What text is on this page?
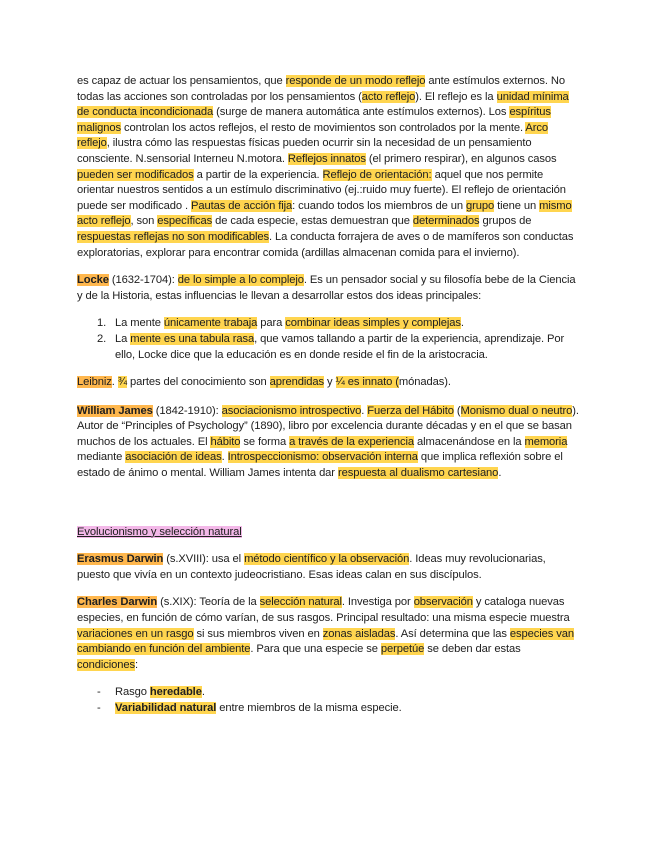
es capaz de actuar los pensamientos, que responde de un modo reflejo ante estímulos externos. No todas las acciones son controladas por los pensamientos (acto reflejo). El reflejo es la unidad mínima de conducta incondicionada (surge de manera automática ante estímulos externos). Los espíritus malignos controlan los actos reflejos, el resto de movimientos son controlados por la mente. Arco reflejo, ilustra cómo las respuestas físicas pueden ocurrir sin la necesidad de un pensamiento consciente. N.sensorial Interneu N.motora. Reflejos innatos (el primero respirar), en algunos casos pueden ser modificados a partir de la experiencia. Reflejo de orientación: aquel que nos permite orientar nuestros sentidos a un estímulo discriminativo (ej.:ruido muy fuerte). El reflejo de orientación puede ser modificado . Pautas de acción fija: cuando todos los miembros de un grupo tiene un mismo acto reflejo, son específicas de cada especie, estas demuestran que determinados grupos de respuestas reflejas no son modificables. La conducta forrajera de aves o de mamíferos son conductas exploratorias, explorar para encontrar comida (ardillas almacenan comida para el invierno).

Locke (1632-1704): de lo simple a lo complejo. Es un pensador social y su filosofía bebe de la Ciencia y de la Historia, estas influencias le llevan a desarrollar estos dos ideas principales:

1. La mente únicamente trabaja para combinar ideas simples y complejas.
2. La mente es una tabula rasa, que vamos tallando a partir de la experiencia, aprendizaje. Por ello, Locke dice que la educación es en donde reside el fin de la aristocracia.

Leibniz. ¾ partes del conocimiento son aprendidas y ¼ es innato (mónadas).

William James (1842-1910): asociacionismo introspectivo. Fuerza del Hábito (Monismo dual o neutro). Autor de “Principles of Psychology” (1890), libro por excelencia durante décadas y en el que se basan muchos de los actuales. El hábito se forma a través de la experiencia almacenándose en la memoria mediante asociación de ideas. Introspeccionismo: observación interna que implica reflexión sobre el estado de ánimo o mental. William James intenta dar respuesta al dualismo cartesiano.

Evolucionismo y selección natural

Erasmus Darwin (s.XVIII): usa el método científico y la observación. Ideas muy revolucionarias, puesto que vivía en un contexto judeocristiano. Esas ideas calan en sus discípulos.

Charles Darwin (s.XIX): Teoría de la selección natural. Investiga por observación y cataloga nuevas especies, en función de cómo varían, de sus rasgos. Principal resultado: una misma especie muestra variaciones en un rasgo si sus miembros viven en zonas aisladas. Así determina que las especies van cambiando en función del ambiente. Para que una especie se perpetúe se deben dar estas condiciones:

- Rasgo heredable.
- Variabilidad natural entre miembros de la misma especie.
